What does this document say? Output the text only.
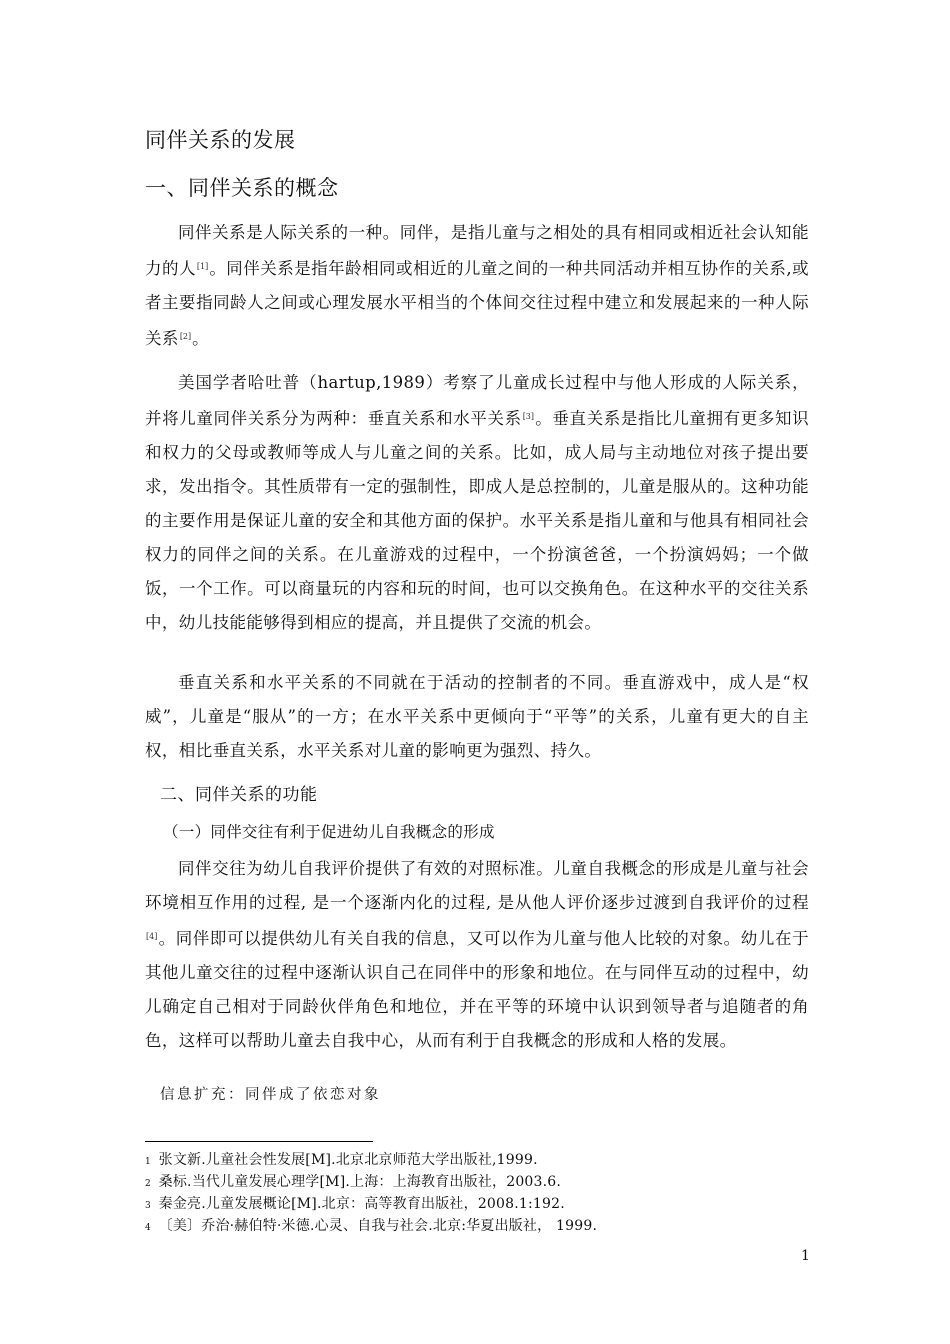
同伴关系的发展
一、同伴关系的概念
同伴关系是人际关系的一种。同伴，是指儿童与之相处的具有相同或相近社会认知能力的人[1]。同伴关系是指年龄相同或相近的儿童之间的一种共同活动并相互协作的关系,或者主要指同龄人之间或心理发展水平相当的个体间交往过程中建立和发展起来的一种人际关系[2]。
美国学者哈吐普（hartup,1989）考察了儿童成长过程中与他人形成的人际关系，并将儿童同伴关系分为两种：垂直关系和水平关系[3]。垂直关系是指比儿童拥有更多知识和权力的父母或教师等成人与儿童之间的关系。比如，成人局与主动地位对孩子提出要求，发出指令。其性质带有一定的强制性，即成人是总控制的，儿童是服从的。这种功能的主要作用是保证儿童的安全和其他方面的保护。水平关系是指儿童和与他具有相同社会权力的同伴之间的关系。在儿童游戏的过程中，一个扮演爸爸，一个扮演妈妈；一个做饭，一个工作。可以商量玩的内容和玩的时间，也可以交换角色。在这种水平的交往关系中，幼儿技能能够得到相应的提高，并且提供了交流的机会。
垂直关系和水平关系的不同就在于活动的控制者的不同。垂直游戏中，成人是“权威”，儿童是“服从”的一方；在水平关系中更倾向于“平等”的关系，儿童有更大的自主权，相比垂直关系，水平关系对儿童的影响更为强烈、持久。
二、同伴关系的功能
（一）同伴交往有利于促进幼儿自我概念的形成
同伴交往为幼儿自我评价提供了有效的对照标准。儿童自我概念的形成是儿童与社会环境相互作用的过程, 是一个逐渐内化的过程, 是从他人评价逐步过渡到自我评价的过程[4]。同伴即可以提供幼儿有关自我的信息，又可以作为儿童与他人比较的对象。幼儿在于其他儿童交往的过程中逐渐认识自己在同伴中的形象和地位。在与同伴互动的过程中，幼儿确定自己相对于同龄伙伴角色和地位，并在平等的环境中认识到领导者与追随者的角色，这样可以帮助儿童去自我中心，从而有利于自我概念的形成和人格的发展。
信息扩充：同伴成了依恋对象
1 张文新.儿童社会性发展[M].北京北京师范大学出版社,1999.
2 桑标.当代儿童发展心理学[M].上海：上海教育出版社，2003.6.
3 秦金亮.儿童发展概论[M].北京：高等教育出版社，2008.1:192.
4 〔美〕乔治·赫伯特·米德.心灵、自我与社会.北京:华夏出版社， 1999.
1
